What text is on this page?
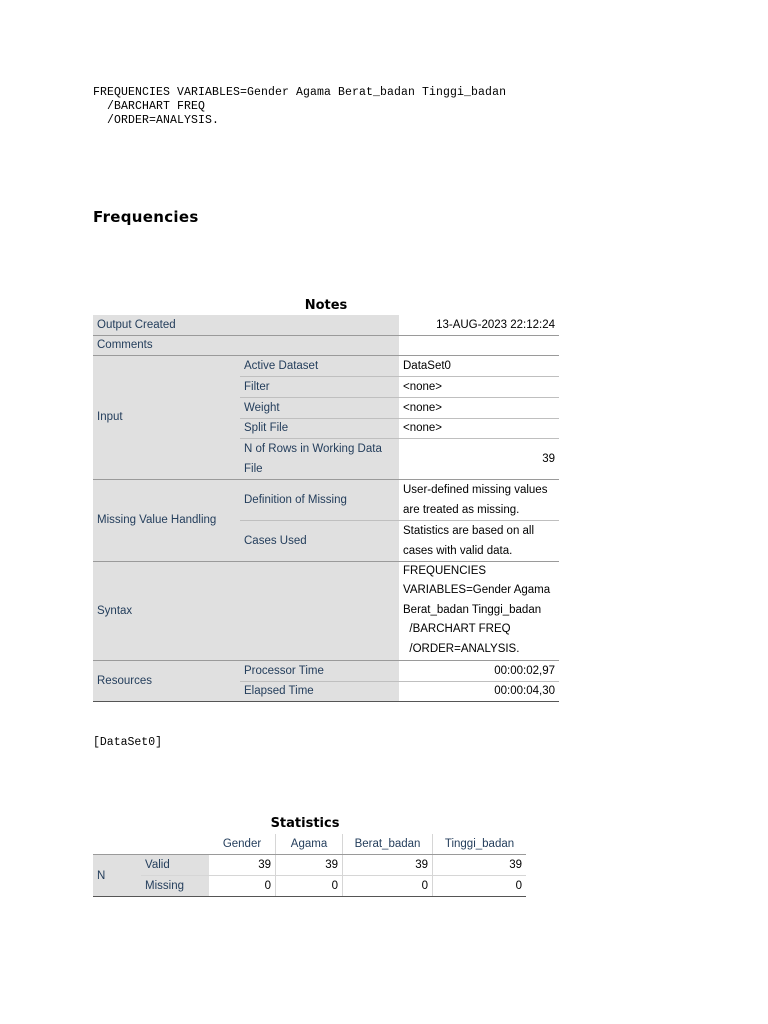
FREQUENCIES VARIABLES=Gender Agama Berat_badan Tinggi_badan
/BARCHART FREQ
/ORDER=ANALYSIS.
Frequencies
Notes
Output Created		13-AUG-2023 22:12:24
Comments		
Input	Active Dataset	DataSet0
	Filter	<none>
	Weight	<none>
	Split File	<none>
	N of Rows in Working Data File	39
Missing Value Handling	Definition of Missing	User-defined missing values are treated as missing.
	Cases Used	Statistics are based on all cases with valid data.
Syntax		FREQUENCIES
VARIABLES=Gender Agama
Berat_badan Tinggi_badan
/BARCHART FREQ
/ORDER=ANALYSIS.

Resources	Processor Time	00:00:02,97
	Elapsed Time	00:00:04,30
[DataSet0]
Statistics
		Gender	Agama	Berat_badan	Tinggi_badan
N	Valid	39	39	39	39
	Missing	0	0	0	0
